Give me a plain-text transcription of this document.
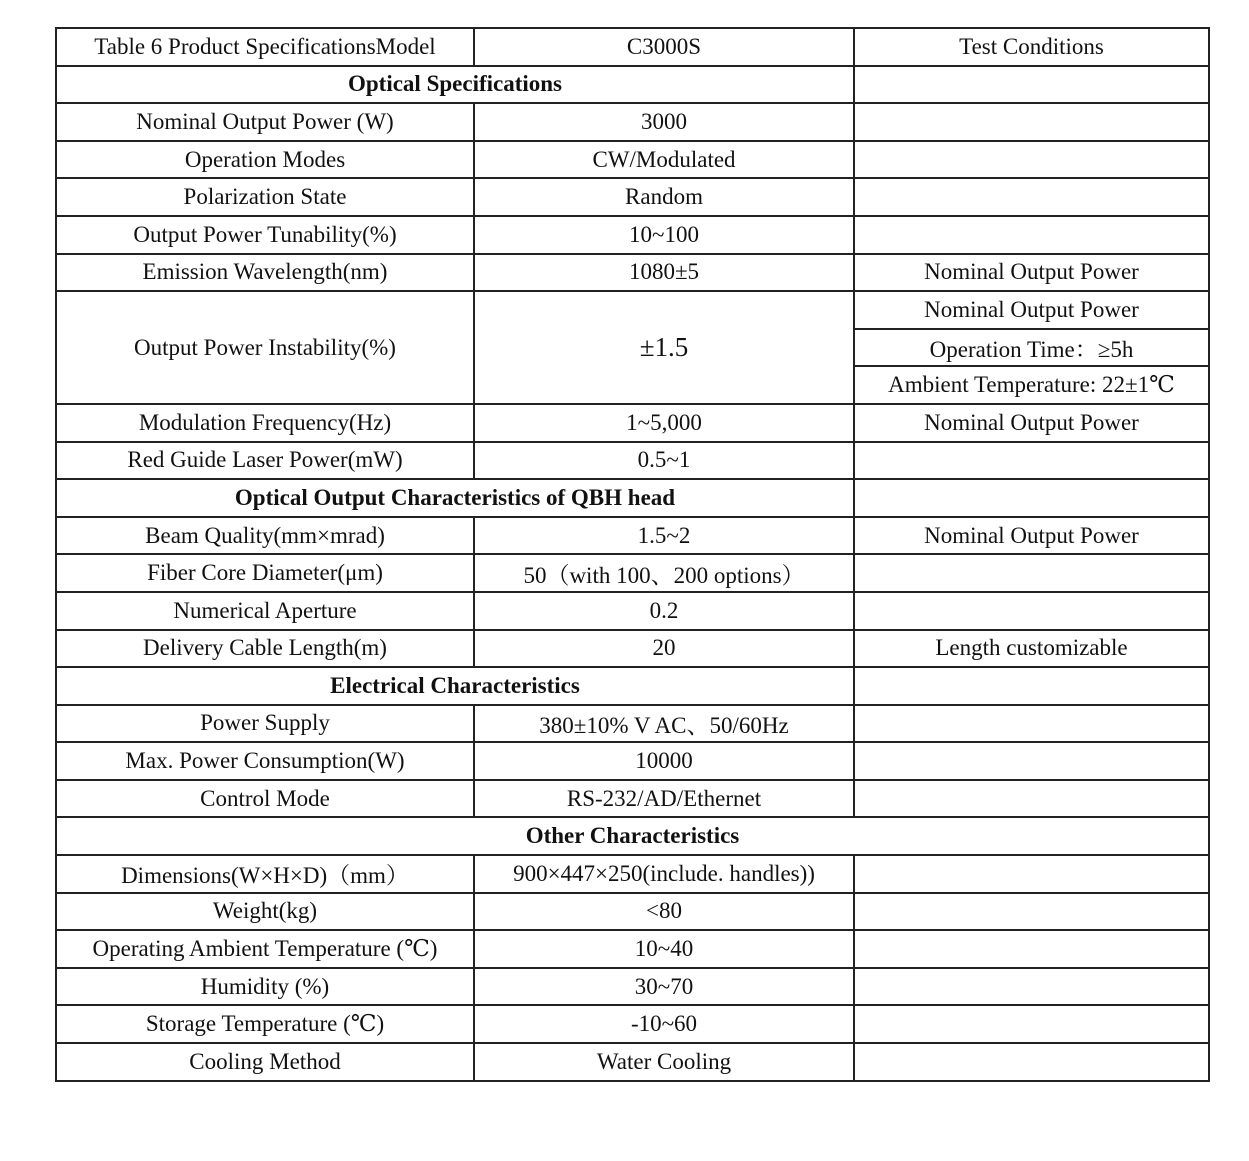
Table 6 Product SpecificationsModel	C3000S	Test Conditions
Optical Specifications		
Nominal Output Power (W)	3000	
Operation Modes	CW/Modulated	
Polarization State	Random	
Output Power Tunability(%)	10~100	
Emission Wavelength(nm)	1080±5	Nominal Output Power
Output Power Instability(%)	±1.5	Nominal Output Power
		Operation Time：≥5h
		Ambient Temperature: 22±1℃
Modulation Frequency(Hz)	1~5,000	Nominal Output Power
Red Guide Laser Power(mW)	0.5~1	
Optical Output Characteristics of QBH head		
Beam Quality(mm×mrad)	1.5~2	Nominal Output Power
Fiber Core Diameter(μm)	50（with 100、200 options）	
Numerical Aperture	0.2	
Delivery Cable Length(m)	20	Length customizable
Electrical Characteristics		
Power Supply	380±10% V AC、50/60Hz	
Max. Power Consumption(W)	10000	
Control Mode	RS-232/AD/Ethernet	
Other Characteristics		
Dimensions(W×H×D)（mm）	900×447×250(include. handles))	
Weight(kg)	<80	
Operating Ambient Temperature (℃)	10~40	
Humidity (%)	30~70	
Storage Temperature (℃)	-10~60	
Cooling Method	Water Cooling	
